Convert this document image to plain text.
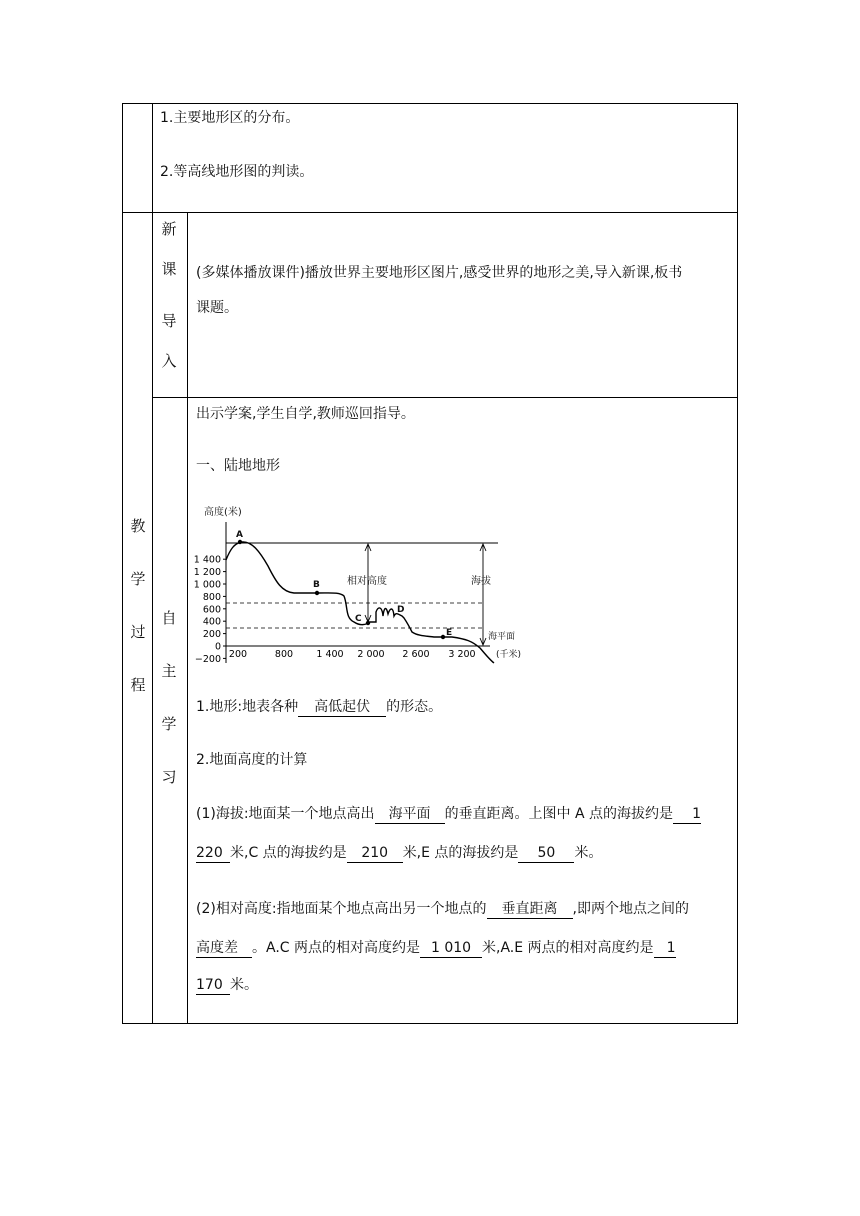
1.主要地形区的分布。
2.等高线地形图的判读。
教
学
过
程
新
课
导
入
(多媒体播放课件)播放世界主要地形区图片,感受世界的地形之美,导入新课,板书
课题。
自
主
学
习
出示学案,学生自学,教师巡回指导。
一、陆地地形
高度(米)
1 400
1 200
1 000
800
600
400
200
0
−200 200	800 1 400 2 000 2 600 3 200
相对高度	海拔
海平面
(千米)
A
B
C
D
E
1.地形:地表各种 高低起伏 的形态。
2.地面高度的计算
(1)海拔:地面某一个地点高出 海平面 的垂直距离。上图中 A 点的海拔约是 1
220 米,C 点的海拔约是 210 米,E 点的海拔约是 50 米。
(2)相对高度:指地面某个地点高出另一个地点的 垂直距离 ,即两个地点之间的
高度差 。A.C 两点的相对高度约是 1 010 米,A.E 两点的相对高度约是 1
170 米。
